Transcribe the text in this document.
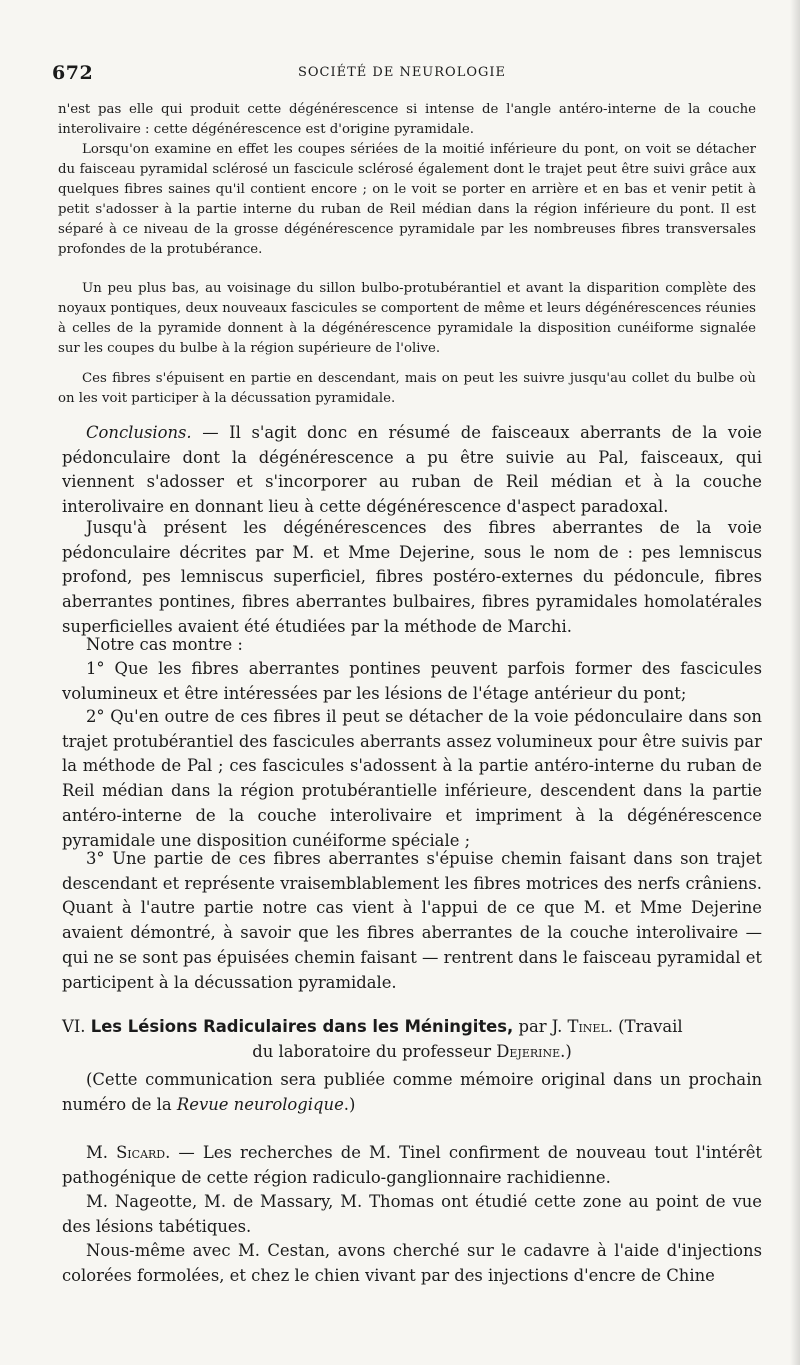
672	SOCIÉTÉ DE NEUROLOGIE

n'est pas elle qui produit cette dégénérescence si intense de l'angle antéro-interne de la couche interolivaire : cette dégénérescence est d'origine pyramidale.

Lorsqu'on examine en effet les coupes sériées de la moitié inférieure du pont, on voit se détacher du faisceau pyramidal sclérosé un fascicule sclérosé également dont le trajet peut être suivi grâce aux quelques fibres saines qu'il contient encore ; on le voit se porter en arrière et en bas et venir petit à petit s'adosser à la partie interne du ruban de Reil médian dans la région inférieure du pont. Il est séparé à ce niveau de la grosse dégénérescence pyramidale par les nombreuses fibres transversales profondes de la protubérance.

Un peu plus bas, au voisinage du sillon bulbo-protubérantiel et avant la disparition complète des noyaux pontiques, deux nouveaux fascicules se comportent de même et leurs dégénérescences réunies à celles de la pyramide donnent à la dégénérescence pyramidale la disposition cunéiforme signalée sur les coupes du bulbe à la région supérieure de l'olive.

Ces fibres s'épuisent en partie en descendant, mais on peut les suivre jusqu'au collet du bulbe où on les voit participer à la décussation pyramidale.

Conclusions. — Il s'agit donc en résumé de faisceaux aberrants de la voie pédonculaire dont la dégénérescence a pu être suivie au Pal, faisceaux, qui viennent s'adosser et s'incorporer au ruban de Reil médian et à la couche interolivaire en donnant lieu à cette dégénérescence d'aspect paradoxal.

Jusqu'à présent les dégénérescences des fibres aberrantes de la voie pédonculaire décrites par M. et Mme Dejerine, sous le nom de : pes lemniscus profond, pes lemniscus superficiel, fibres postéro-externes du pédoncule, fibres aberrantes pontines, fibres aberrantes bulbaires, fibres pyramidales homolatérales superficielles avaient été étudiées par la méthode de Marchi.

Notre cas montre :

1° Que les fibres aberrantes pontines peuvent parfois former des fascicules volumineux et être intéressées par les lésions de l'étage antérieur du pont;

2° Qu'en outre de ces fibres il peut se détacher de la voie pédonculaire dans son trajet protubérantiel des fascicules aberrants assez volumineux pour être suivis par la méthode de Pal ; ces fascicules s'adossent à la partie antéro-interne du ruban de Reil médian dans la région protubérantielle inférieure, descendent dans la partie antéro-interne de la couche interolivaire et impriment à la dégénérescence pyramidale une disposition cunéiforme spéciale ;

3° Une partie de ces fibres aberrantes s'épuise chemin faisant dans son trajet descendant et représente vraisemblablement les fibres motrices des nerfs crâniens. Quant à l'autre partie notre cas vient à l'appui de ce que M. et Mme Dejerine avaient démontré, à savoir que les fibres aberrantes de la couche interolivaire — qui ne se sont pas épuisées chemin faisant — rentrent dans le faisceau pyramidal et participent à la décussation pyramidale.

VI. Les Lésions Radiculaires dans les Méningites, par J. Tinel. (Travail
du laboratoire du professeur Dejerine.)

(Cette communication sera publiée comme mémoire original dans un prochain numéro de la Revue neurologique.)

M. Sicard. — Les recherches de M. Tinel confirment de nouveau tout l'intérêt pathogénique de cette région radiculo-ganglionnaire rachidienne.

M. Nageotte, M. de Massary, M. Thomas ont étudié cette zone au point de vue des lésions tabétiques.

Nous-même avec M. Cestan, avons cherché sur le cadavre à l'aide d'injections colorées formolées, et chez le chien vivant par des injections d'encre de Chine
